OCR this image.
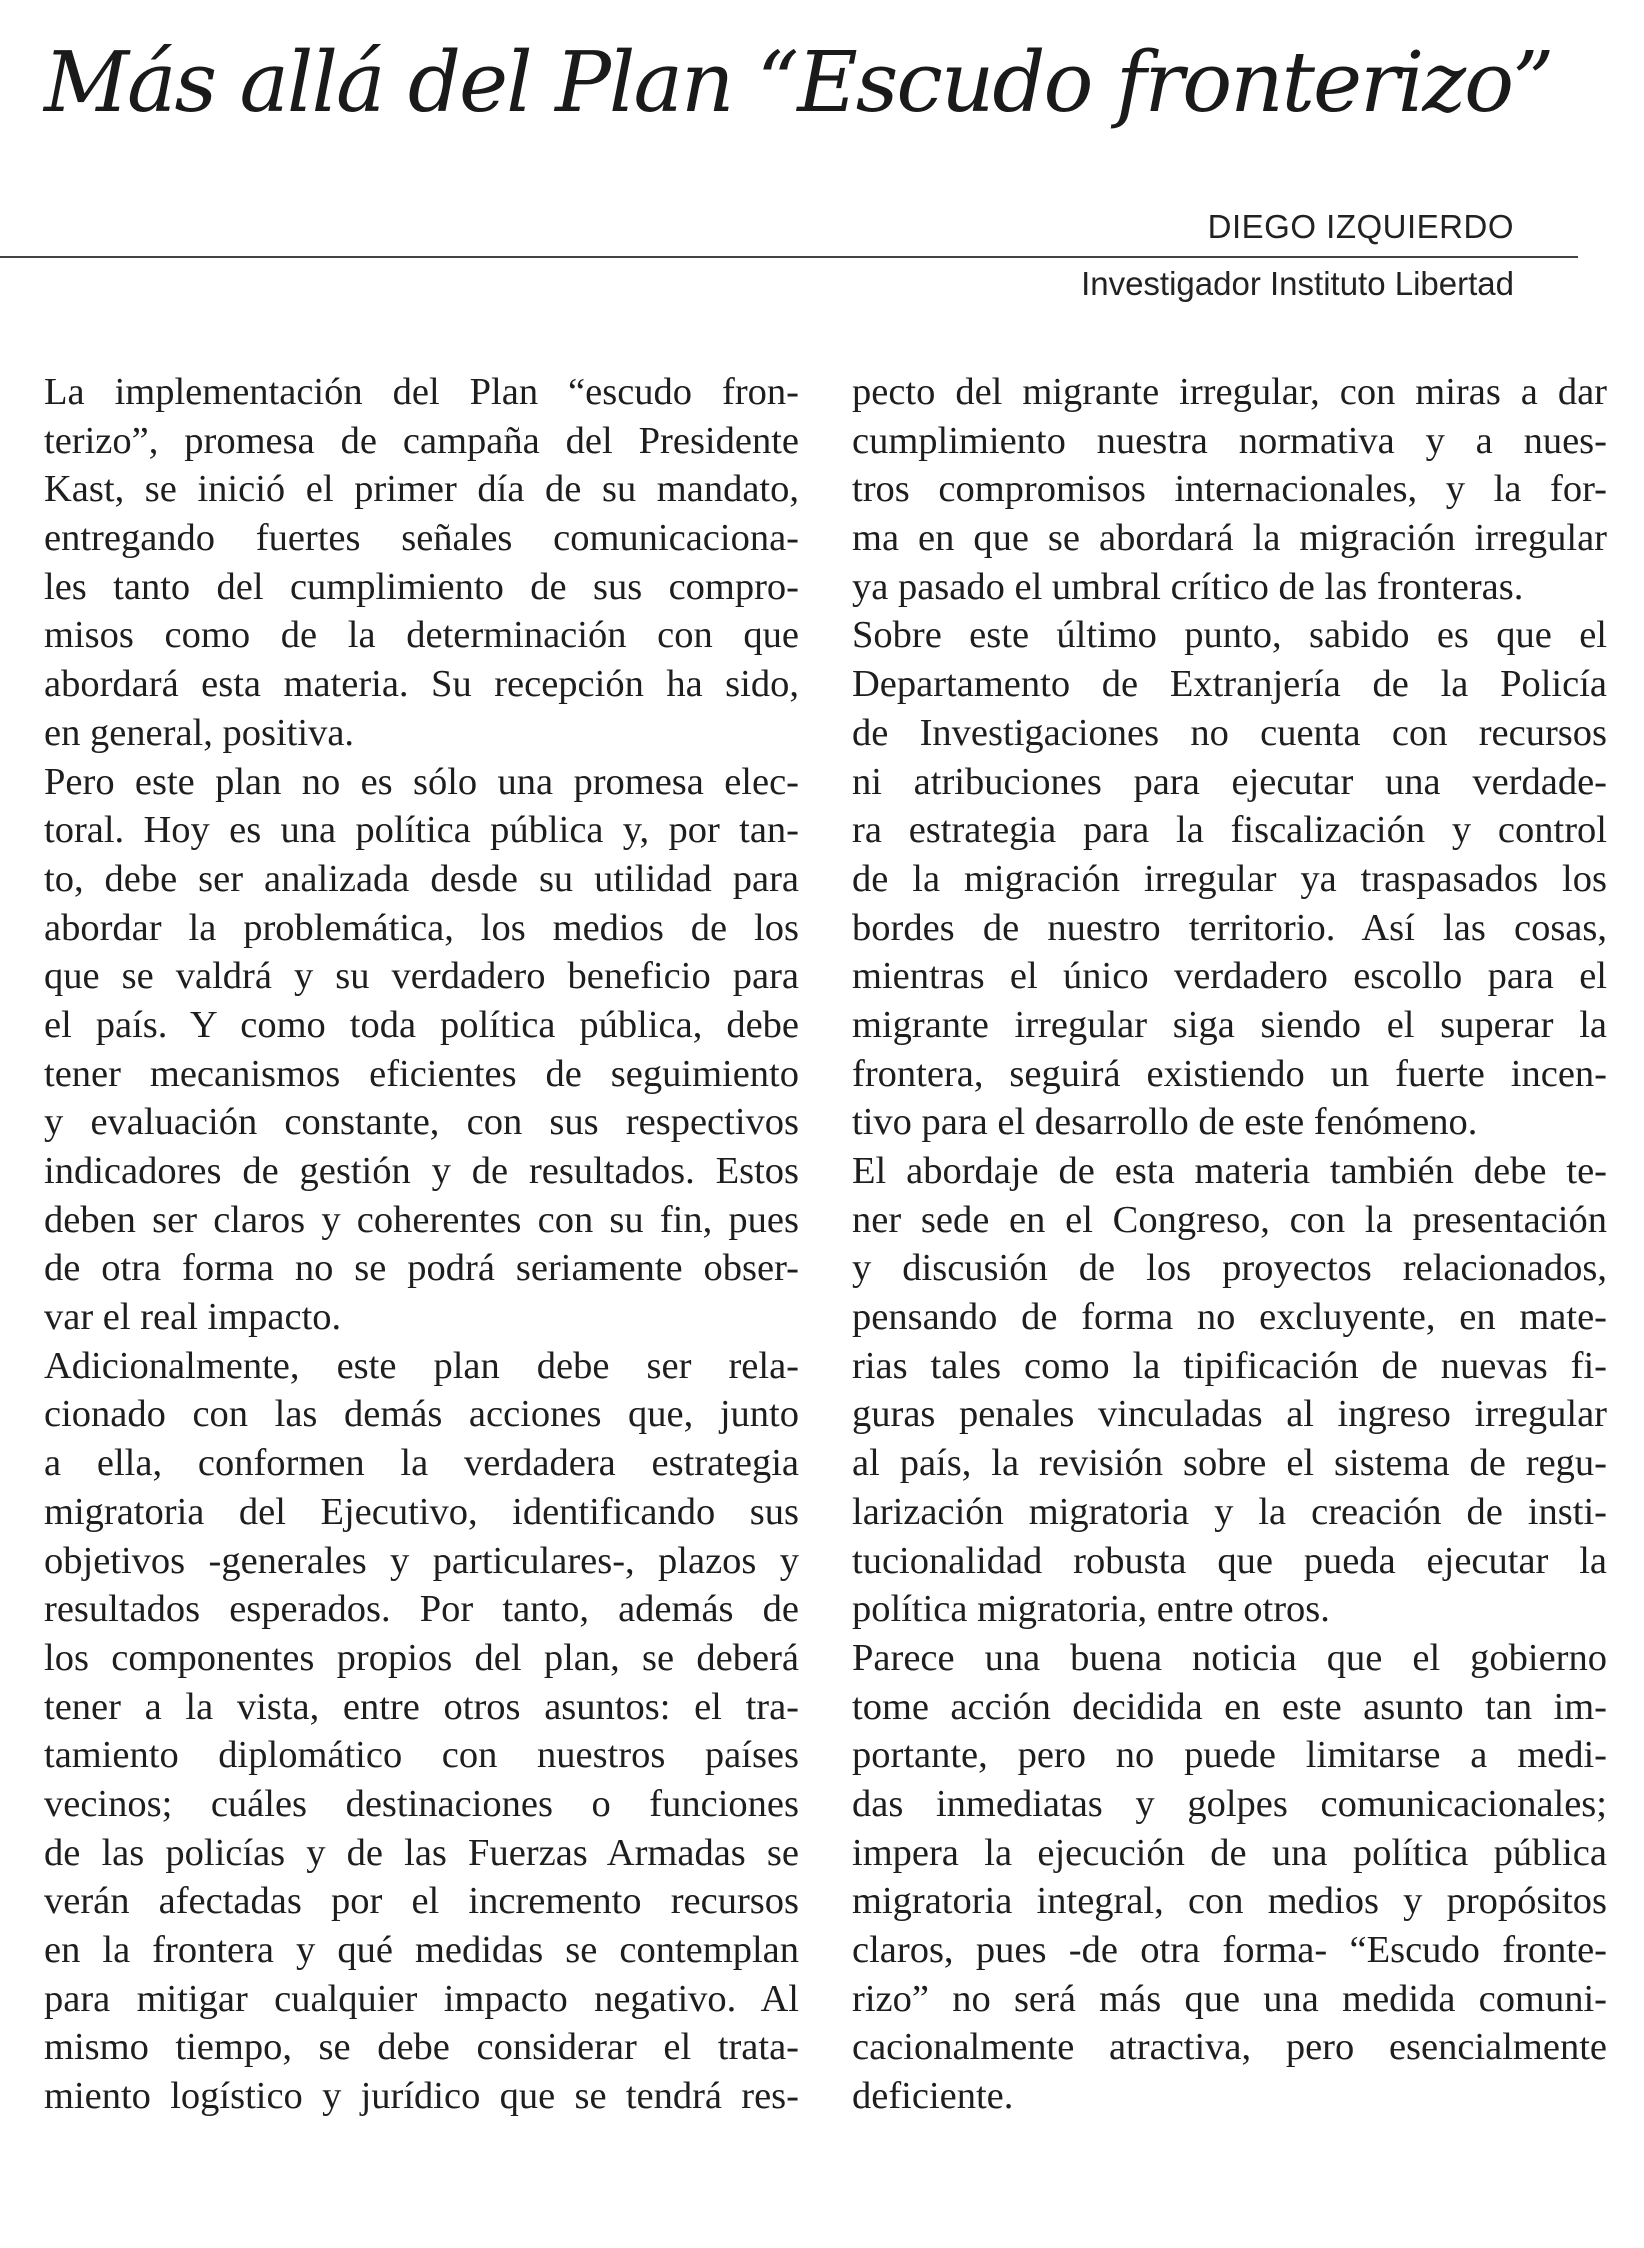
Más allá del Plan “Escudo fronterizo”
DIEGO IZQUIERDO
Investigador Instituto Libertad
La implementación del Plan “escudo fron-
terizo”, promesa de campaña del Presidente
Kast, se inició el primer día de su mandato,
entregando fuertes señales comunicaciona-
les tanto del cumplimiento de sus compro-
misos como de la determinación con que
abordará esta materia. Su recepción ha sido,
en general, positiva.
Pero este plan no es sólo una promesa elec-
toral. Hoy es una política pública y, por tan-
to, debe ser analizada desde su utilidad para
abordar la problemática, los medios de los
que se valdrá y su verdadero beneficio para
el país. Y como toda política pública, debe
tener mecanismos eficientes de seguimiento
y evaluación constante, con sus respectivos
indicadores de gestión y de resultados. Estos
deben ser claros y coherentes con su fin, pues
de otra forma no se podrá seriamente obser-
var el real impacto.
Adicionalmente, este plan debe ser rela-
cionado con las demás acciones que, junto
a ella, conformen la verdadera estrategia
migratoria del Ejecutivo, identificando sus
objetivos -generales y particulares-, plazos y
resultados esperados. Por tanto, además de
los componentes propios del plan, se deberá
tener a la vista, entre otros asuntos: el tra-
tamiento diplomático con nuestros países
vecinos; cuáles destinaciones o funciones
de las policías y de las Fuerzas Armadas se
verán afectadas por el incremento recursos
en la frontera y qué medidas se contemplan
para mitigar cualquier impacto negativo. Al
mismo tiempo, se debe considerar el trata-
miento logístico y jurídico que se tendrá res-
pecto del migrante irregular, con miras a dar
cumplimiento nuestra normativa y a nues-
tros compromisos internacionales, y la for-
ma en que se abordará la migración irregular
ya pasado el umbral crítico de las fronteras.
Sobre este último punto, sabido es que el
Departamento de Extranjería de la Policía
de Investigaciones no cuenta con recursos
ni atribuciones para ejecutar una verdade-
ra estrategia para la fiscalización y control
de la migración irregular ya traspasados los
bordes de nuestro territorio. Así las cosas,
mientras el único verdadero escollo para el
migrante irregular siga siendo el superar la
frontera, seguirá existiendo un fuerte incen-
tivo para el desarrollo de este fenómeno.
El abordaje de esta materia también debe te-
ner sede en el Congreso, con la presentación
y discusión de los proyectos relacionados,
pensando de forma no excluyente, en mate-
rias tales como la tipificación de nuevas fi-
guras penales vinculadas al ingreso irregular
al país, la revisión sobre el sistema de regu-
larización migratoria y la creación de insti-
tucionalidad robusta que pueda ejecutar la
política migratoria, entre otros.
Parece una buena noticia que el gobierno
tome acción decidida en este asunto tan im-
portante, pero no puede limitarse a medi-
das inmediatas y golpes comunicacionales;
impera la ejecución de una política pública
migratoria integral, con medios y propósitos
claros, pues -de otra forma- “Escudo fronte-
rizo” no será más que una medida comuni-
cacionalmente atractiva, pero esencialmente
deficiente.
